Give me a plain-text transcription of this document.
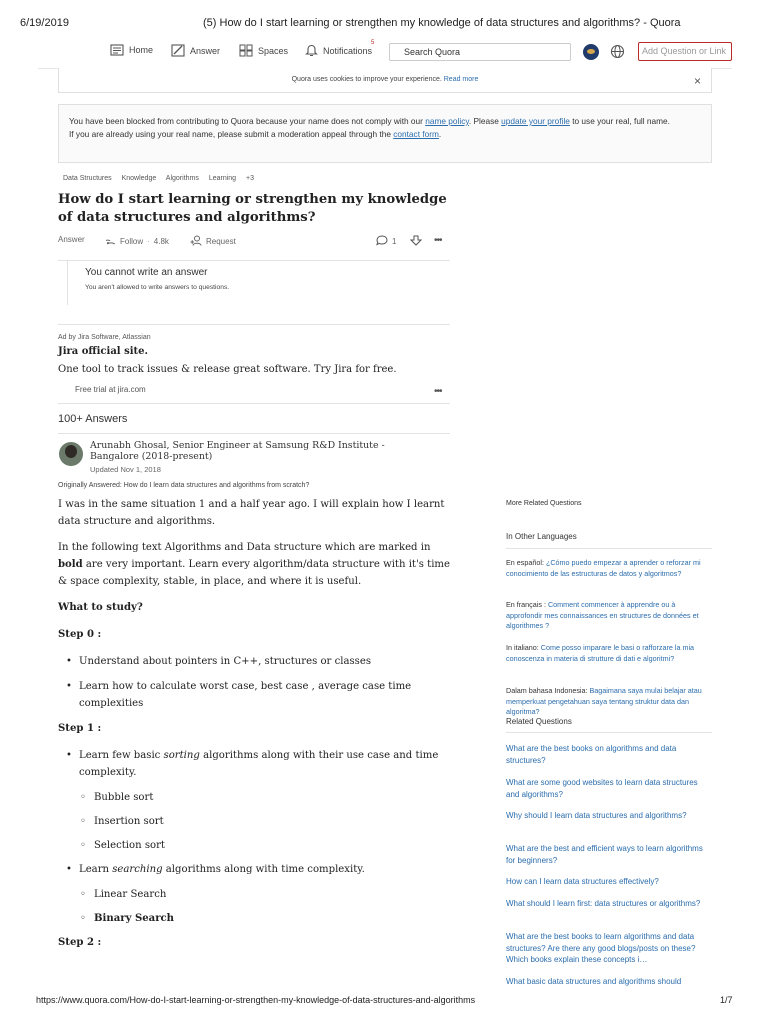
6/19/2019	(5) How do I start learning or strengthen my knowledge of data structures and algorithms? - Quora
Home	Answer	Spaces	Notifications
5
Search Quora	Add Question or Link
Quora uses cookies to improve your experience. Read more	×
You have been blocked from contributing to Quora because your name does not comply with our name policy. Please update your profile to use your real, full name.
If you are already using your real name, please submit a moderation appeal through the contact form.
Data Structures Knowledge Algorithms Learning +3
How do I start learning or strengthen my knowledge of data structures and algorithms?
Answer	Follow · 4.8k	Request	1	•••
You cannot write an answer
You aren't allowed to write answers to questions.
Ad by Jira Software, Atlassian
Jira official site.
One tool to track issues & release great software. Try Jira for free.
Free trial at jira.com	•••
100+ Answers
Arunabh Ghosal, Senior Engineer at Samsung R&D Institute - Bangalore (2018-present)
Updated Nov 1, 2018
Originally Answered: How do I learn data structures and algorithms from scratch?

I was in the same situation 1 and a half year ago. I will explain how I learnt data structure and algorithms.

In the following text Algorithms and Data structure which are marked in bold are very important. Learn every algorithm/data structure with it's time & space complexity, stable, in place, and where it is useful.

What to study?
Step 0 :
• Understand about pointers in C++, structures or classes
• Learn how to calculate worst case, best case , average case time complexities
Step 1 :
• Learn few basic sorting algorithms along with their use case and time complexity.
◦ Bubble sort
◦ Insertion sort
◦ Selection sort
• Learn searching algorithms along with time complexity.
◦ Linear Search
◦ Binary Search
Step 2 :
More Related Questions
In Other Languages
En español: ¿Cómo puedo empezar a aprender o reforzar mi conocimiento de las estructuras de datos y algoritmos?
En français : Comment commencer à apprendre ou à approfondir mes connaissances en structures de données et algorithmes ?
In italiano: Come posso imparare le basi o rafforzare la mia conoscenza in materia di strutture di dati e algoritmi?
Dalam bahasa Indonesia: Bagaimana saya mulai belajar atau memperkuat pengetahuan saya tentang struktur data dan algoritma?
Related Questions
What are the best books on algorithms and data structures?
What are some good websites to learn data structures and algorithms?
Why should I learn data structures and algorithms?
What are the best and efficient ways to learn algorithms for beginners?
How can I learn data structures effectively?
What should I learn first: data structures or algorithms?
What are the best books to learn algorithms and data structures? Are there any good blogs/posts on these? Which books explain these concepts i…
What basic data structures and algorithms should
https://www.quora.com/How-do-I-start-learning-or-strengthen-my-knowledge-of-data-structures-and-algorithms	1/7
